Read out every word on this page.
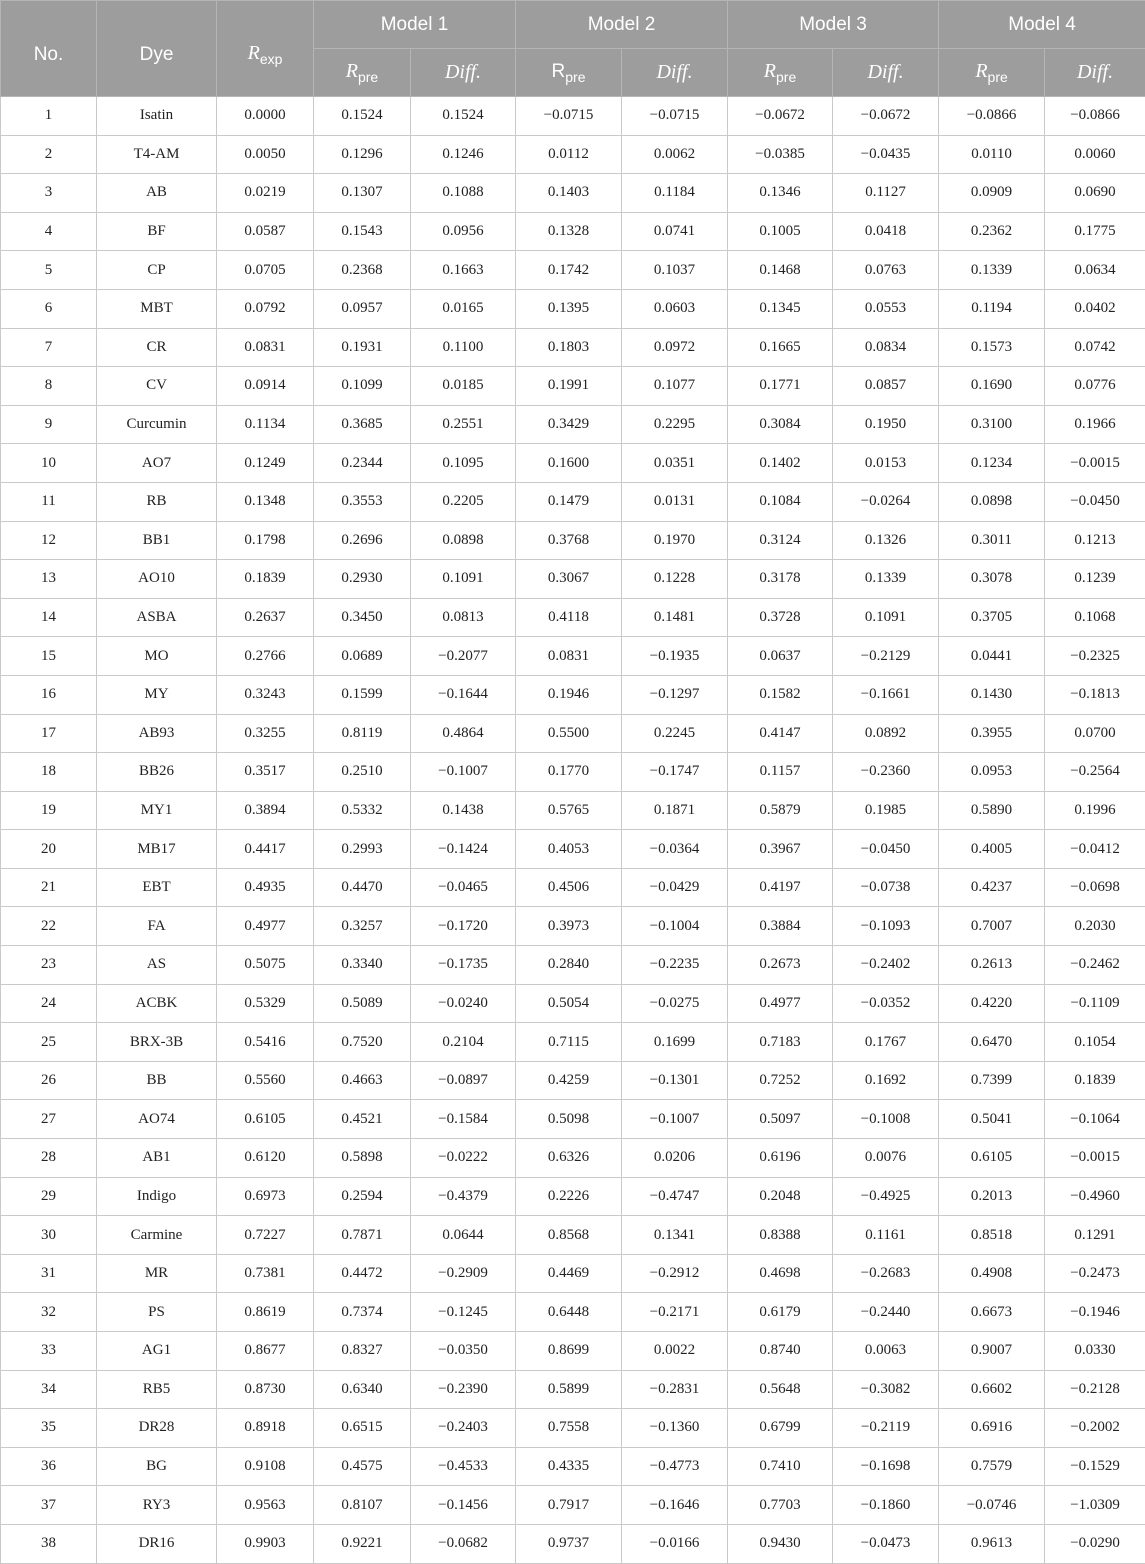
No.	Dye	$R_{exp}$	Model 1		Model 2		Model 3		Model 4	
			$R_{pre}$	Diff.	$R_{pre}$	Diff.	$R_{pre}$	Diff.	$R_{pre}$	Diff.
1	Isatin	0.0000	0.1524	0.1524	−0.0715	−0.0715	−0.0672	−0.0672	−0.0866	−0.0866
2	T4-AM	0.0050	0.1296	0.1246	0.0112	0.0062	−0.0385	−0.0435	0.0110	0.0060
3	AB	0.0219	0.1307	0.1088	0.1403	0.1184	0.1346	0.1127	0.0909	0.0690
4	BF	0.0587	0.1543	0.0956	0.1328	0.0741	0.1005	0.0418	0.2362	0.1775
5	CP	0.0705	0.2368	0.1663	0.1742	0.1037	0.1468	0.0763	0.1339	0.0634
6	MBT	0.0792	0.0957	0.0165	0.1395	0.0603	0.1345	0.0553	0.1194	0.0402
7	CR	0.0831	0.1931	0.1100	0.1803	0.0972	0.1665	0.0834	0.1573	0.0742
8	CV	0.0914	0.1099	0.0185	0.1991	0.1077	0.1771	0.0857	0.1690	0.0776
9	Curcumin	0.1134	0.3685	0.2551	0.3429	0.2295	0.3084	0.1950	0.3100	0.1966
10	AO7	0.1249	0.2344	0.1095	0.1600	0.0351	0.1402	0.0153	0.1234	−0.0015
11	RB	0.1348	0.3553	0.2205	0.1479	0.0131	0.1084	−0.0264	0.0898	−0.0450
12	BB1	0.1798	0.2696	0.0898	0.3768	0.1970	0.3124	0.1326	0.3011	0.1213
13	AO10	0.1839	0.2930	0.1091	0.3067	0.1228	0.3178	0.1339	0.3078	0.1239
14	ASBA	0.2637	0.3450	0.0813	0.4118	0.1481	0.3728	0.1091	0.3705	0.1068
15	MO	0.2766	0.0689	−0.2077	0.0831	−0.1935	0.0637	−0.2129	0.0441	−0.2325
16	MY	0.3243	0.1599	−0.1644	0.1946	−0.1297	0.1582	−0.1661	0.1430	−0.1813
17	AB93	0.3255	0.8119	0.4864	0.5500	0.2245	0.4147	0.0892	0.3955	0.0700
18	BB26	0.3517	0.2510	−0.1007	0.1770	−0.1747	0.1157	−0.2360	0.0953	−0.2564
19	MY1	0.3894	0.5332	0.1438	0.5765	0.1871	0.5879	0.1985	0.5890	0.1996
20	MB17	0.4417	0.2993	−0.1424	0.4053	−0.0364	0.3967	−0.0450	0.4005	−0.0412
21	EBT	0.4935	0.4470	−0.0465	0.4506	−0.0429	0.4197	−0.0738	0.4237	−0.0698
22	FA	0.4977	0.3257	−0.1720	0.3973	−0.1004	0.3884	−0.1093	0.7007	0.2030
23	AS	0.5075	0.3340	−0.1735	0.2840	−0.2235	0.2673	−0.2402	0.2613	−0.2462
24	ACBK	0.5329	0.5089	−0.0240	0.5054	−0.0275	0.4977	−0.0352	0.4220	−0.1109
25	BRX-3B	0.5416	0.7520	0.2104	0.7115	0.1699	0.7183	0.1767	0.6470	0.1054
26	BB	0.5560	0.4663	−0.0897	0.4259	−0.1301	0.7252	0.1692	0.7399	0.1839
27	AO74	0.6105	0.4521	−0.1584	0.5098	−0.1007	0.5097	−0.1008	0.5041	−0.1064
28	AB1	0.6120	0.5898	−0.0222	0.6326	0.0206	0.6196	0.0076	0.6105	−0.0015
29	Indigo	0.6973	0.2594	−0.4379	0.2226	−0.4747	0.2048	−0.4925	0.2013	−0.4960
30	Carmine	0.7227	0.7871	0.0644	0.8568	0.1341	0.8388	0.1161	0.8518	0.1291
31	MR	0.7381	0.4472	−0.2909	0.4469	−0.2912	0.4698	−0.2683	0.4908	−0.2473
32	PS	0.8619	0.7374	−0.1245	0.6448	−0.2171	0.6179	−0.2440	0.6673	−0.1946
33	AG1	0.8677	0.8327	−0.0350	0.8699	0.0022	0.8740	0.0063	0.9007	0.0330
34	RB5	0.8730	0.6340	−0.2390	0.5899	−0.2831	0.5648	−0.3082	0.6602	−0.2128
35	DR28	0.8918	0.6515	−0.2403	0.7558	−0.1360	0.6799	−0.2119	0.6916	−0.2002
36	BG	0.9108	0.4575	−0.4533	0.4335	−0.4773	0.7410	−0.1698	0.7579	−0.1529
37	RY3	0.9563	0.8107	−0.1456	0.7917	−0.1646	0.7703	−0.1860	−0.0746	−1.0309
38	DR16	0.9903	0.9221	−0.0682	0.9737	−0.0166	0.9430	−0.0473	0.9613	−0.0290
